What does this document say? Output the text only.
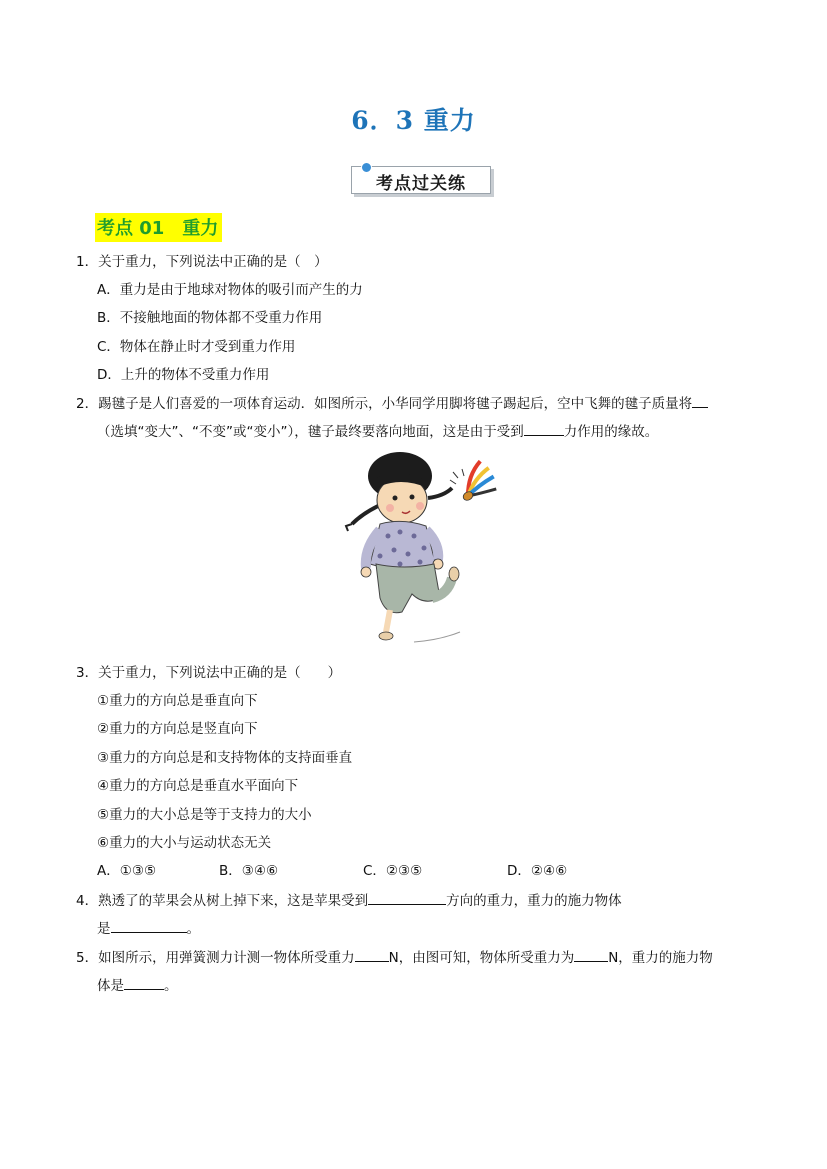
6．3 重力
考点过关练
考点 01　重力
1．关于重力，下列说法中正确的是（　）
A．重力是由于地球对物体的吸引而产生的力
B．不接触地面的物体都不受重力作用
C．物体在静止时才受到重力作用
D．上升的物体不受重力作用
2．踢毽子是人们喜爱的一项体育运动．如图所示，小华同学用脚将毽子踢起后，空中飞舞的毽子质量将
（选填“变大”、“不变”或“变小”），毽子最终要落向地面，这是由于受到	力作用的缘故。
3．关于重力，下列说法中正确的是（　　）
①重力的方向总是垂直向下
②重力的方向总是竖直向下
③重力的方向总是和支持物体的支持面垂直
④重力的方向总是垂直水平面向下
⑤重力的大小总是等于支持力的大小
⑥重力的大小与运动状态无关
A．①③⑤	B．③④⑥	C．②③⑤	D．②④⑥
4．熟透了的苹果会从树上掉下来，这是苹果受到	方向的重力，重力的施力物体
是	。
5．如图所示，用弹簧测力计测一物体所受重力	N，由图可知，物体所受重力为	N，重力的施力物
体是	。
